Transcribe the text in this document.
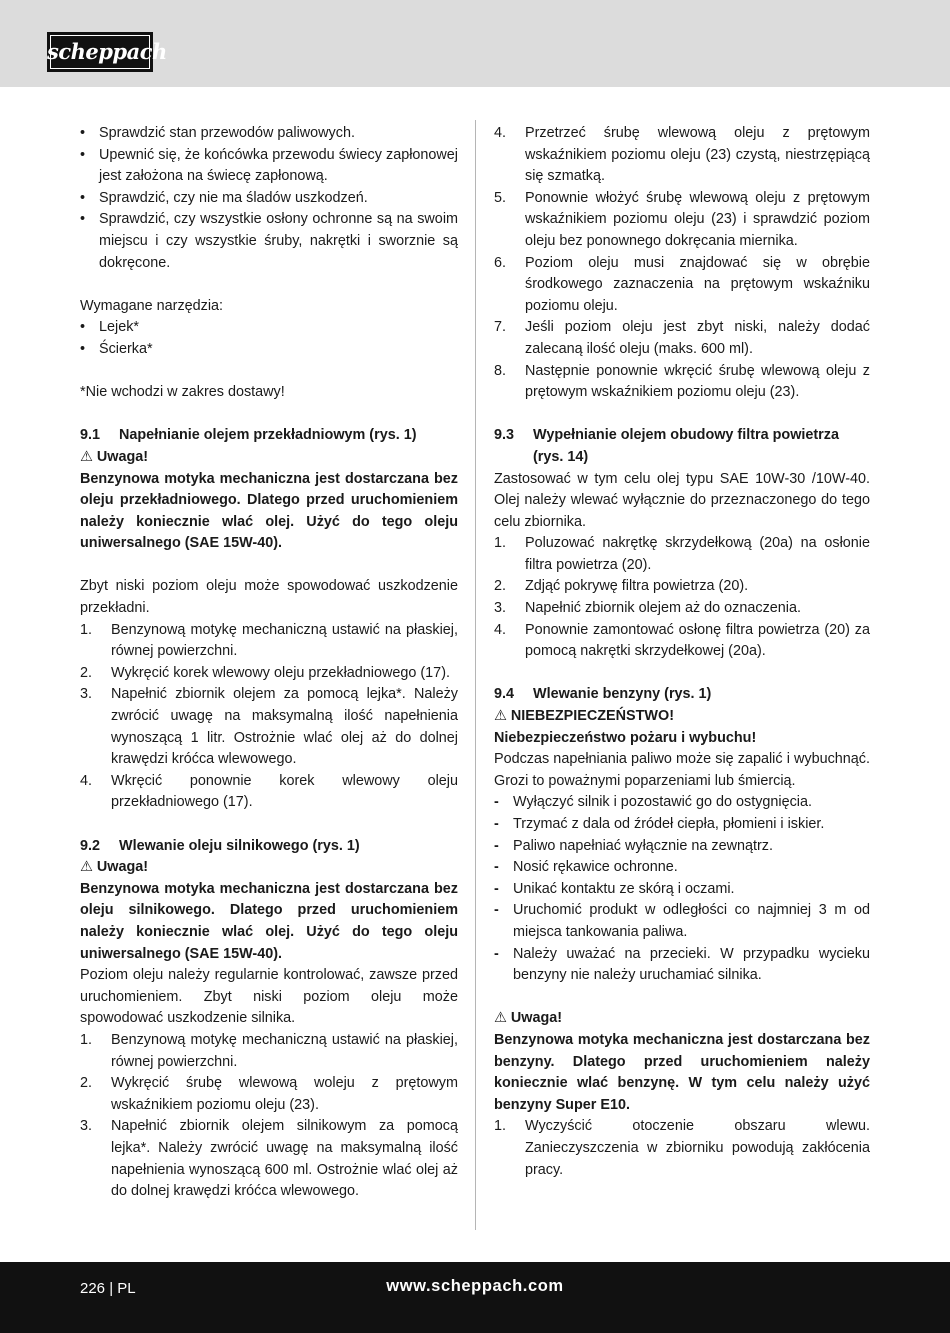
scheppach
• Sprawdzić stan przewodów paliwowych.
• Upewnić się, że końcówka przewodu świecy zapłonowej jest założona na świecę zapłonową.
• Sprawdzić, czy nie ma śladów uszkodzeń.
• Sprawdzić, czy wszystkie osłony ochronne są na swoim miejscu i czy wszystkie śruby, nakrętki i sworznie są dokręcone.

Wymagane narzędzia:

• Lejek*
• Ścierka*

*Nie wchodzi w zakres dostawy!

9.1 Napełnianie olejem przekładniowym (rys. 1)

⚠ Uwaga!

Benzynowa motyka mechaniczna jest dostarczana bez oleju przekładniowego. Dlatego przed uruchomieniem należy koniecznie wlać olej. Użyć do tego oleju uniwersalnego (SAE 15W-40).

Zbyt niski poziom oleju może spowodować uszkodzenie przekładni.

1. Benzynową motykę mechaniczną ustawić na płaskiej, równej powierzchni.
2. Wykręcić korek wlewowy oleju przekładniowego (17).
3. Napełnić zbiornik olejem za pomocą lejka*. Należy zwrócić uwagę na maksymalną ilość napełnienia wynoszącą 1 litr. Ostrożnie wlać olej aż do dolnej krawędzi króćca wlewowego.
4. Wkręcić ponownie korek wlewowy oleju przekładniowego (17).
9.2 Wlewanie oleju silnikowego (rys. 1)

⚠ Uwaga!

Benzynowa motyka mechaniczna jest dostarczana bez oleju silnikowego. Dlatego przed uruchomieniem należy koniecznie wlać olej. Użyć do tego oleju uniwersalnego (SAE 15W-40).

Poziom oleju należy regularnie kontrolować, zawsze przed uruchomieniem. Zbyt niski poziom oleju może spowodować uszkodzenie silnika.

1. Benzynową motykę mechaniczną ustawić na płaskiej, równej powierzchni.
2. Wykręcić śrubę wlewową woleju z prętowym wskaźnikiem poziomu oleju (23).
3. Napełnić zbiornik olejem silnikowym za pomocą lejka*. Należy zwrócić uwagę na maksymalną ilość napełnienia wynoszącą 600 ml. Ostrożnie wlać olej aż do dolnej krawędzi króćca wlewowego.
4. Przetrzeć śrubę wlewową oleju z prętowym wskaźnikiem poziomu oleju (23) czystą, niestrzępiącą się szmatką.
5. Ponownie włożyć śrubę wlewową oleju z prętowym wskaźnikiem poziomu oleju (23) i sprawdzić poziom oleju bez ponownego dokręcania miernika.
6. Poziom oleju musi znajdować się w obrębie środkowego zaznaczenia na prętowym wskaźniku poziomu oleju.
7. Jeśli poziom oleju jest zbyt niski, należy dodać zalecaną ilość oleju (maks. 600 ml).
8. Następnie ponownie wkręcić śrubę wlewową oleju z prętowym wskaźnikiem poziomu oleju (23).
9.3 Wypełnianie olejem obudowy filtra powietrza (rys. 14)

Zastosować w tym celu olej typu SAE 10W-30 /10W-40. Olej należy wlewać wyłącznie do przeznaczonego do tego celu zbiornika.

1. Poluzować nakrętkę skrzydełkową (20a) na osłonie filtra powietrza (20).
2. Zdjąć pokrywę filtra powietrza (20).
3. Napełnić zbiornik olejem aż do oznaczenia.
4. Ponownie zamontować osłonę filtra powietrza (20) za pomocą nakrętki skrzydełkowej (20a).
9.4 Wlewanie benzyny (rys. 1)

⚠ NIEBEZPIECZEŃSTWO!

Niebezpieczeństwo pożaru i wybuchu!

Podczas napełniania paliwo może się zapalić i wybuchnąć. Grozi to poważnymi poparzeniami lub śmiercią.

- Wyłączyć silnik i pozostawić go do ostygnięcia.
- Trzymać z dala od źródeł ciepła, płomieni i iskier.
- Paliwo napełniać wyłącznie na zewnątrz.
- Nosić rękawice ochronne.
- Unikać kontaktu ze skórą i oczami.
- Uruchomić produkt w odległości co najmniej 3 m od miejsca tankowania paliwa.
- Należy uważać na przecieki. W przypadku wycieku benzyny nie należy uruchamiać silnika.

⚠ Uwaga!

Benzynowa motyka mechaniczna jest dostarczana bez benzyny. Dlatego przed uruchomieniem należy koniecznie wlać benzynę. W tym celu należy użyć benzyny Super E10.

1. Wyczyścić otoczenie obszaru wlewu. Zanieczyszczenia w zbiorniku powodują zakłócenia pracy.
226 | PL	www.scheppach.com
